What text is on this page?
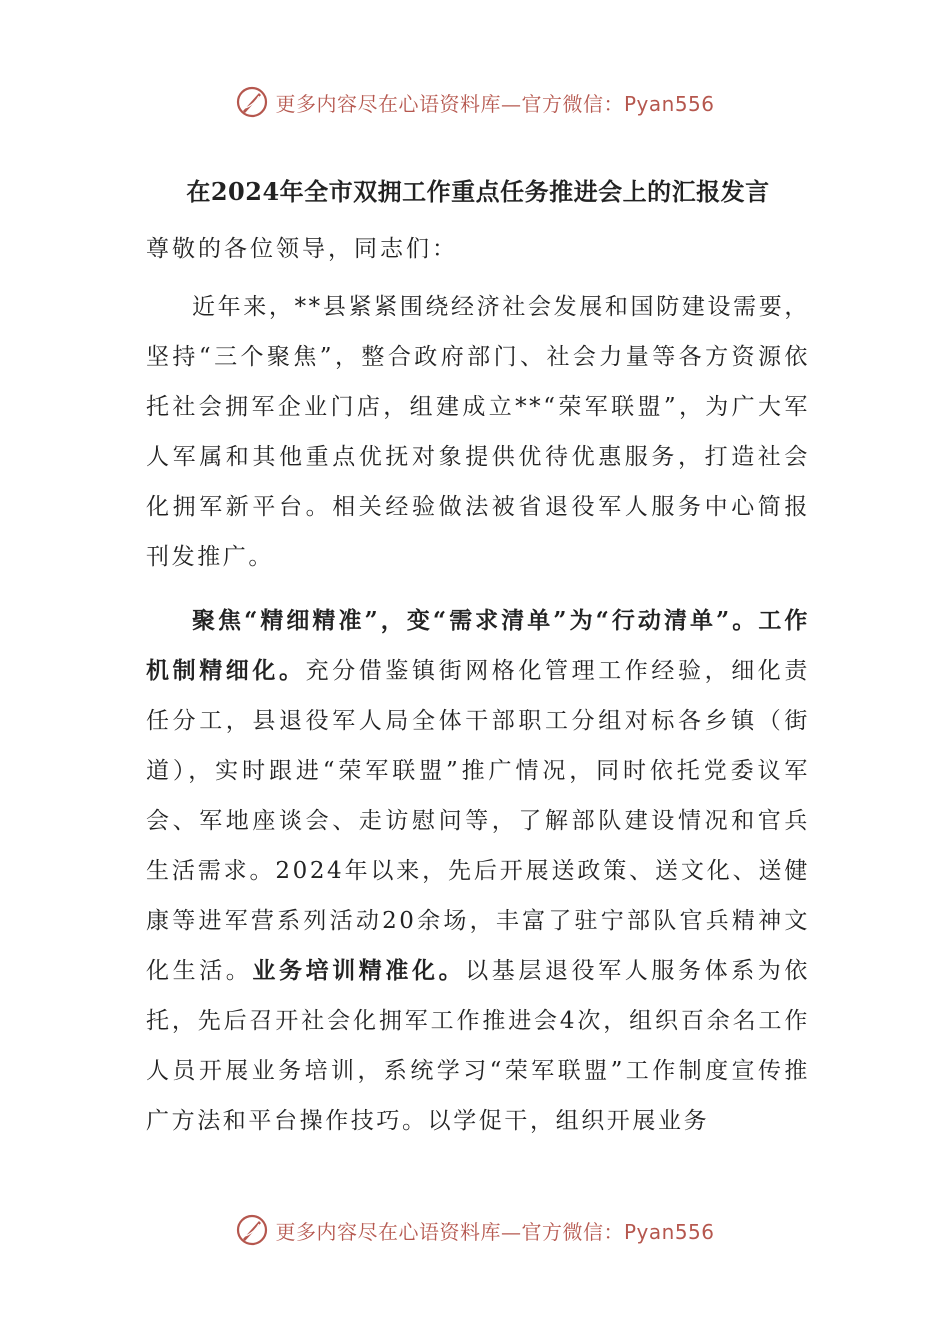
更多内容尽在心语资料库—官方微信：Pyan556
在2024年全市双拥工作重点任务推进会上的汇报发言
尊敬的各位领导，同志们：

近年来，**县紧紧围绕经济社会发展和国防建设需要，坚持“三个聚焦”，整合政府部门、社会力量等各方资源依托社会拥军企业门店，组建成立**“荣军联盟”，为广大军人军属和其他重点优抚对象提供优待优惠服务，打造社会化拥军新平台。相关经验做法被省退役军人服务中心简报刊发推广。

聚焦“精细精准”，变“需求清单”为“行动清单”。工作机制精细化。充分借鉴镇街网格化管理工作经验，细化责任分工，县退役军人局全体干部职工分组对标各乡镇（街道），实时跟进“荣军联盟”推广情况，同时依托党委议军会、军地座谈会、走访慰问等，了解部队建设情况和官兵生活需求。2024年以来，先后开展送政策、送文化、送健康等进军营系列活动20余场，丰富了驻宁部队官兵精神文化生活。业务培训精准化。以基层退役军人服务体系为依托，先后召开社会化拥军工作推进会4次，组织百余名工作人员开展业务培训，系统学习“荣军联盟”工作制度宣传推广方法和平台操作技巧。以学促干，组织开展业务

更多内容尽在心语资料库—官方微信：Pyan556
